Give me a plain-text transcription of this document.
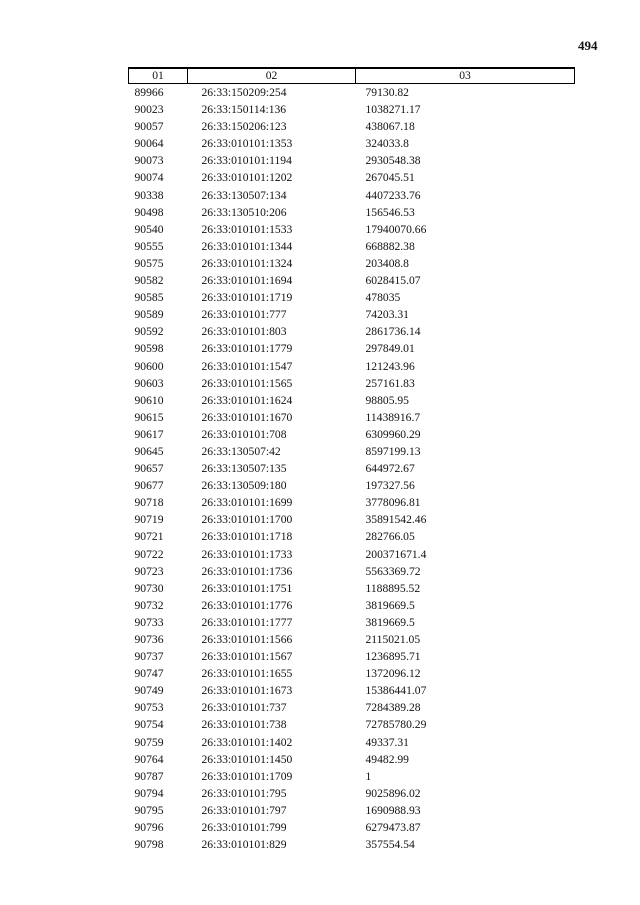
494
01	02	03
89966	26:33:150209:254	79130.82
90023	26:33:150114:136	1038271.17
90057	26:33:150206:123	438067.18
90064	26:33:010101:1353	324033.8
90073	26:33:010101:1194	2930548.38
90074	26:33:010101:1202	267045.51
90338	26:33:130507:134	4407233.76
90498	26:33:130510:206	156546.53
90540	26:33:010101:1533	17940070.66
90555	26:33:010101:1344	668882.38
90575	26:33:010101:1324	203408.8
90582	26:33:010101:1694	6028415.07
90585	26:33:010101:1719	478035
90589	26:33:010101:777	74203.31
90592	26:33:010101:803	2861736.14
90598	26:33:010101:1779	297849.01
90600	26:33:010101:1547	121243.96
90603	26:33:010101:1565	257161.83
90610	26:33:010101:1624	98805.95
90615	26:33:010101:1670	11438916.7
90617	26:33:010101:708	6309960.29
90645	26:33:130507:42	8597199.13
90657	26:33:130507:135	644972.67
90677	26:33:130509:180	197327.56
90718	26:33:010101:1699	3778096.81
90719	26:33:010101:1700	35891542.46
90721	26:33:010101:1718	282766.05
90722	26:33:010101:1733	200371671.4
90723	26:33:010101:1736	5563369.72
90730	26:33:010101:1751	1188895.52
90732	26:33:010101:1776	3819669.5
90733	26:33:010101:1777	3819669.5
90736	26:33:010101:1566	2115021.05
90737	26:33:010101:1567	1236895.71
90747	26:33:010101:1655	1372096.12
90749	26:33:010101:1673	15386441.07
90753	26:33:010101:737	7284389.28
90754	26:33:010101:738	72785780.29
90759	26:33:010101:1402	49337.31
90764	26:33:010101:1450	49482.99
90787	26:33:010101:1709	1
90794	26:33:010101:795	9025896.02
90795	26:33:010101:797	1690988.93
90796	26:33:010101:799	6279473.87
90798	26:33:010101:829	357554.54
